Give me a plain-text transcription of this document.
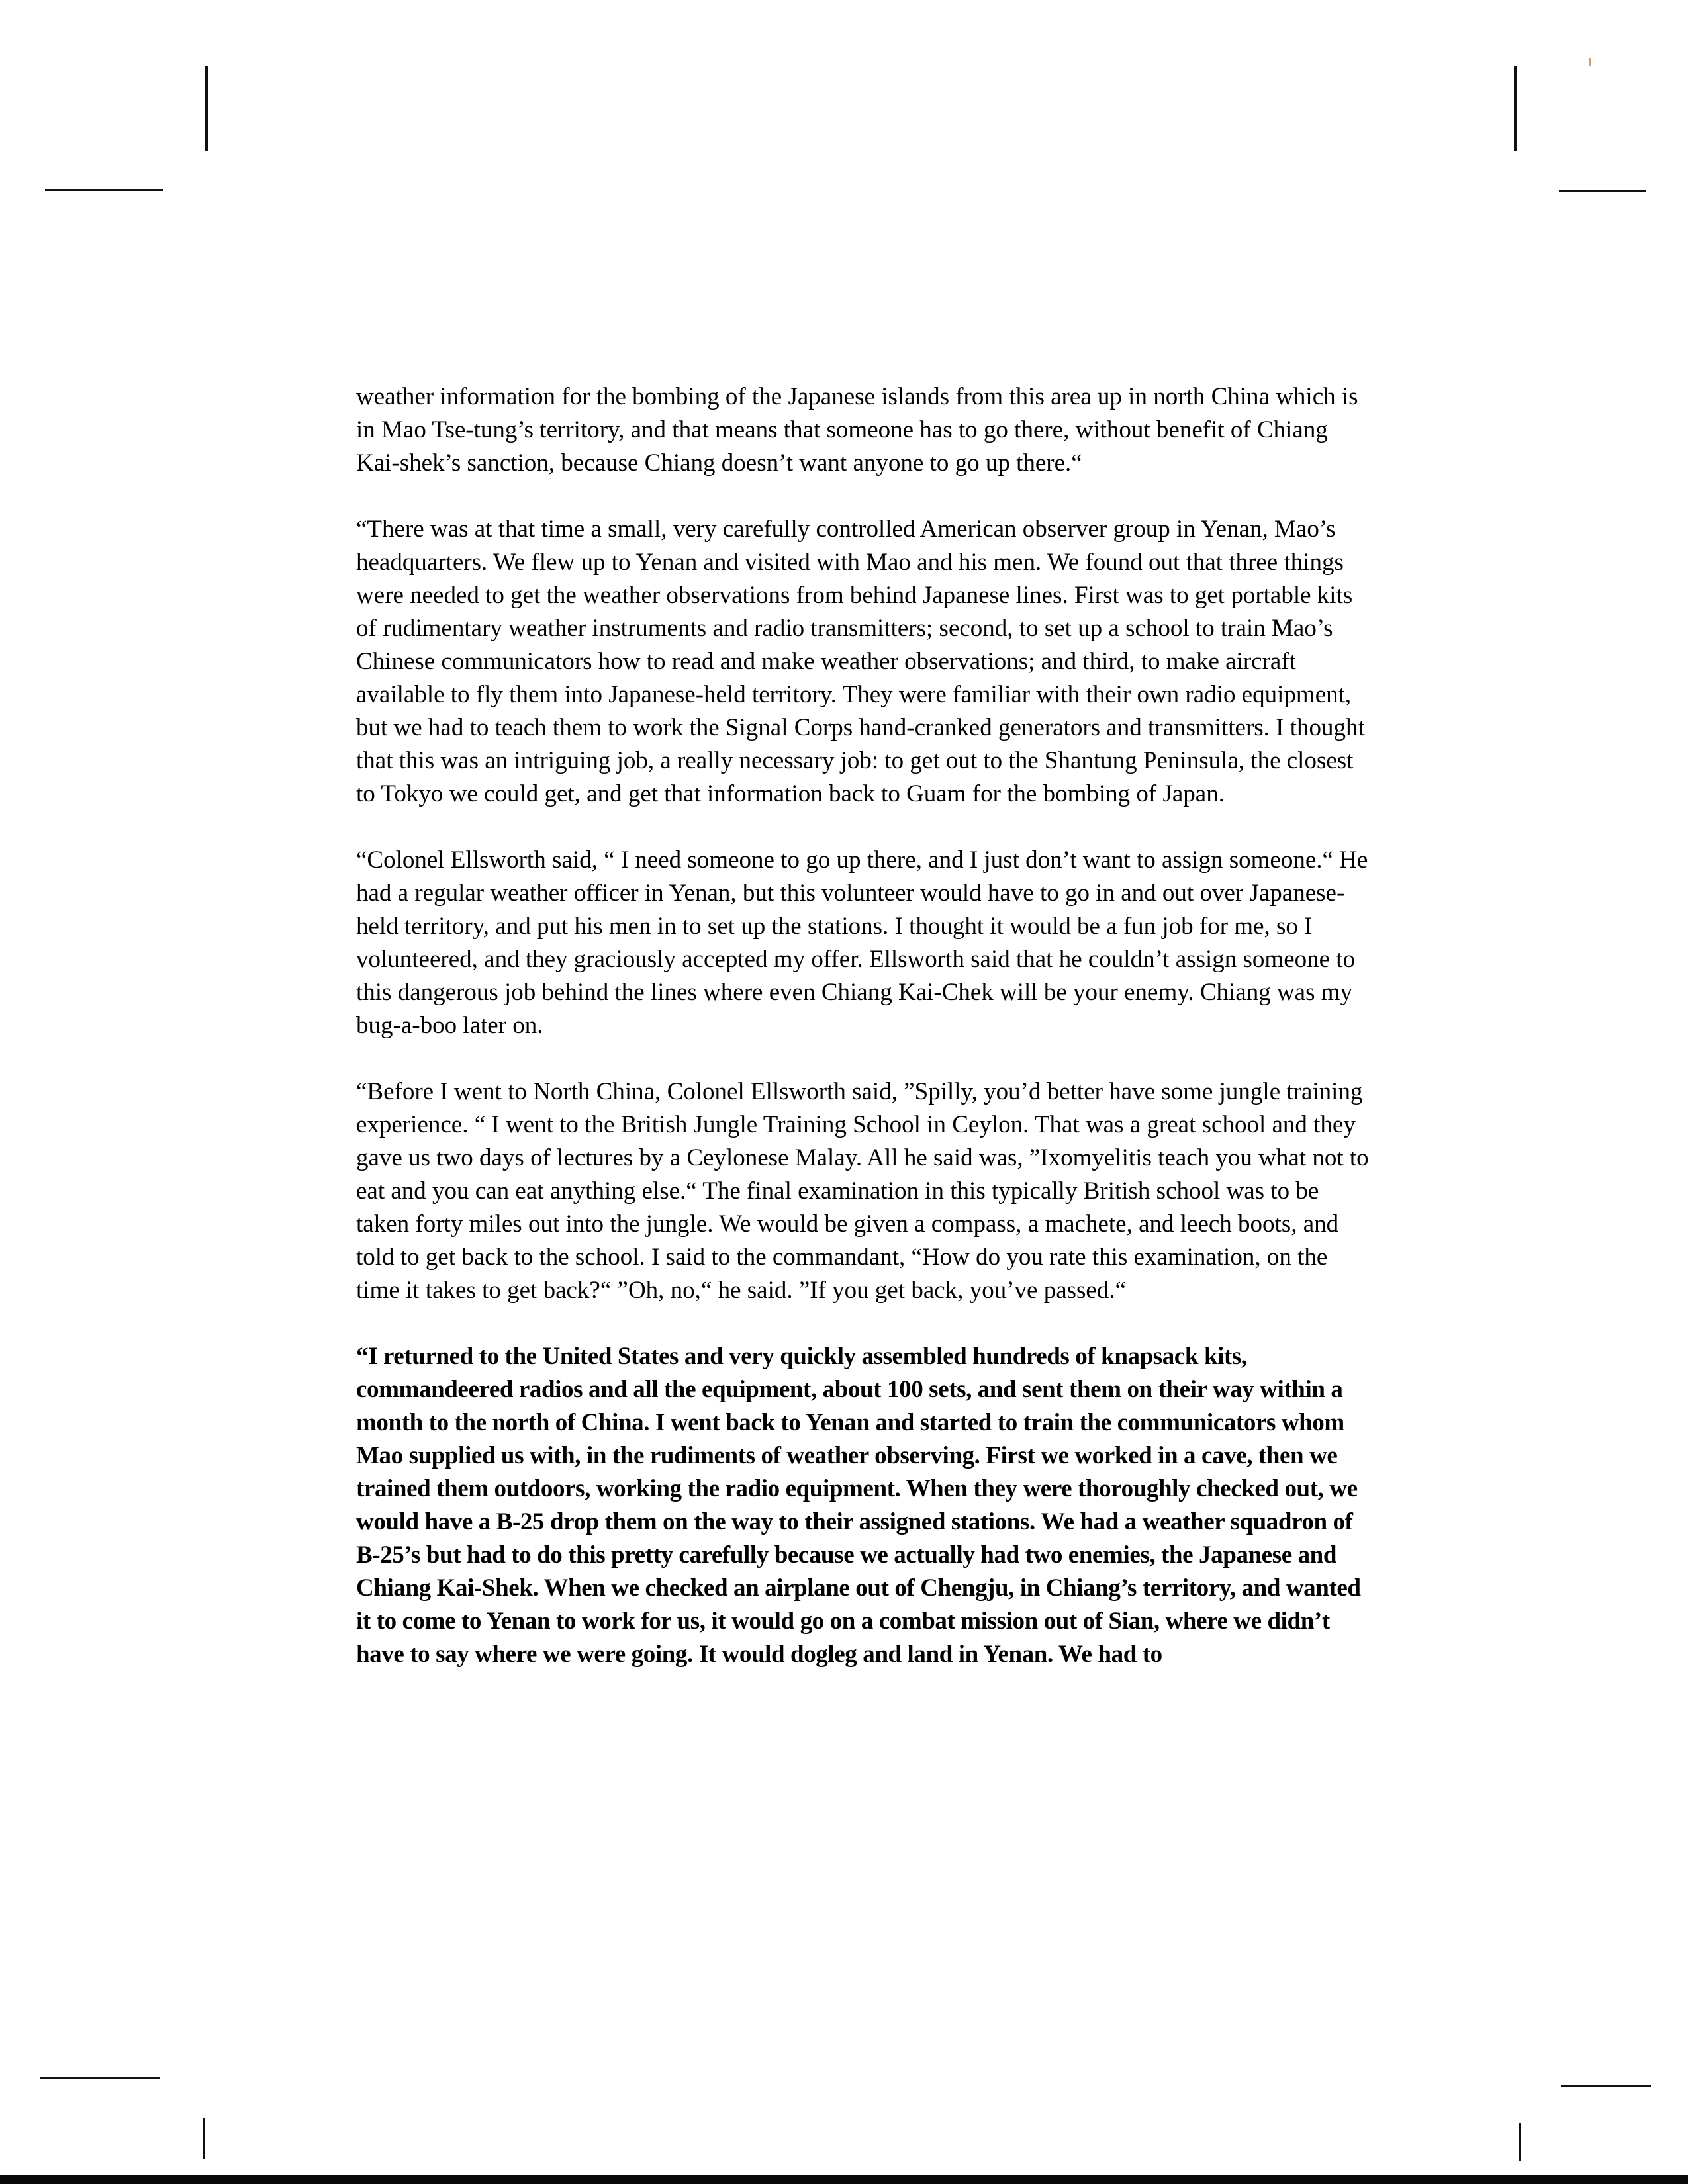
weather information for the bombing of the Japanese islands from this area up in north China which is in Mao Tse-tung’s territory, and that means that someone has to go there, without benefit of Chiang Kai-shek’s sanction, because Chiang doesn’t want anyone to go up there.“

“There was at that time a small, very carefully controlled American observer group in Yenan, Mao’s headquarters. We flew up to Yenan and visited with Mao and his men. We found out that three things were needed to get the weather observations from behind Japanese lines. First was to get portable kits of rudimentary weather instruments and radio transmitters; second, to set up a school to train Mao’s Chinese communicators how to read and make weather observations; and third, to make aircraft available to fly them into Japanese-held territory. They were familiar with their own radio equipment, but we had to teach them to work the Signal Corps hand-cranked generators and transmitters. I thought that this was an intriguing job, a really necessary job: to get out to the Shantung Peninsula, the closest to Tokyo we could get, and get that information back to Guam for the bombing of Japan.

“Colonel Ellsworth said, “ I need someone to go up there, and I just don’t want to assign someone.“ He had a regular weather officer in Yenan, but this volunteer would have to go in and out over Japanese-held territory, and put his men in to set up the stations. I thought it would be a fun job for me, so I volunteered, and they graciously accepted my offer. Ellsworth said that he couldn’t assign someone to this dangerous job behind the lines where even Chiang Kai-Chek will be your enemy. Chiang was my bug-a-boo later on.

“Before I went to North China, Colonel Ellsworth said, ”Spilly, you’d better have some jungle training experience. “ I went to the British Jungle Training School in Ceylon. That was a great school and they gave us two days of lectures by a Ceylonese Malay. All he said was, ”Ixomyelitis teach you what not to eat and you can eat anything else.“ The final examination in this typically British school was to be taken forty miles out into the jungle. We would be given a compass, a machete, and leech boots, and told to get back to the school. I said to the commandant, “How do you rate this examination, on the time it takes to get back?“ ”Oh, no,“ he said. ”If you get back, you’ve passed.“

“I returned to the United States and very quickly assembled hundreds of knapsack kits, commandeered radios and all the equipment, about 100 sets, and sent them on their way within a month to the north of China. I went back to Yenan and started to train the communicators whom Mao supplied us with, in the rudiments of weather observing. First we worked in a cave, then we trained them outdoors, working the radio equipment. When they were thoroughly checked out, we would have a B-25 drop them on the way to their assigned stations. We had a weather squadron of B-25’s but had to do this pretty carefully because we actually had two enemies, the Japanese and Chiang Kai-Shek. When we checked an airplane out of Chengju, in Chiang’s territory, and wanted it to come to Yenan to work for us, it would go on a combat mission out of Sian, where we didn’t have to say where we were going. It would dogleg and land in Yenan. We had to
